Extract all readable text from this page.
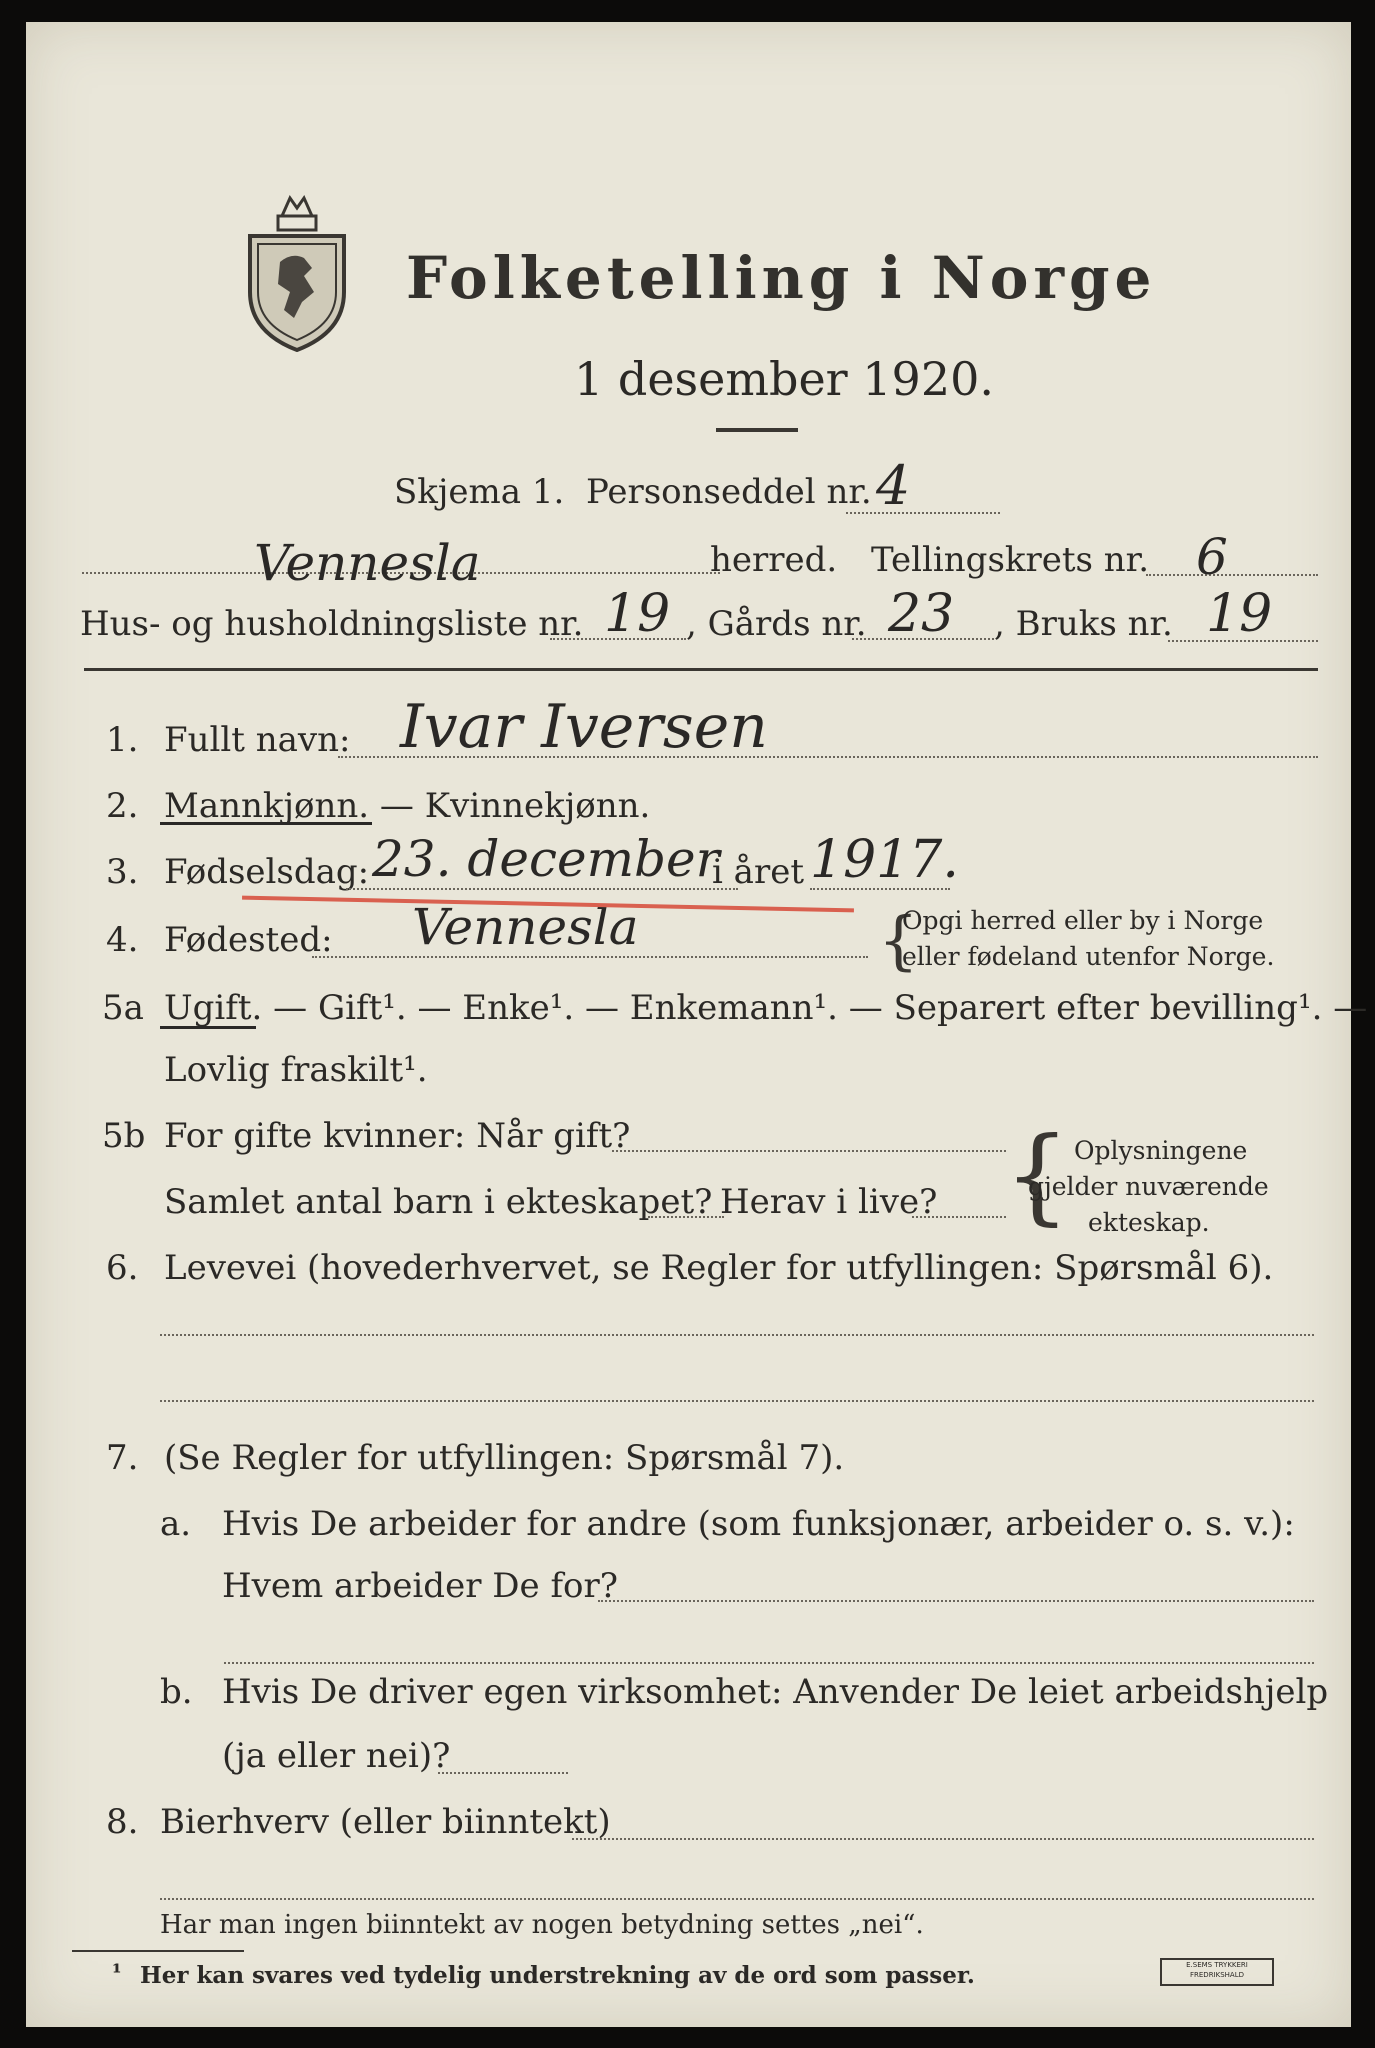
Folketelling i Norge
1 desember 1920.
Skjema 1. Personseddel nr. 4
Vennesla	herred. Tellingskrets nr. 6
Hus- og husholdningsliste nr. 19 , Gårds nr. 23 , Bruks nr. 19
1. Fullt navn: Ivar Iversen
2. Mannkjønn. — Kvinnekjønn.
3. Fødselsdag: 23. december
i året 1917.
4. Fødested: Vennesla	{
Opgi herred eller by i Norge
eller fødeland utenfor Norge.
5a Ugift. — Gift¹. — Enke¹. — Enkemann¹. — Separert efter bevilling¹. —
Lovlig fraskilt¹.
5b For gifte kvinner: Når gift?
Samlet antal barn i ekteskapet? Herav i live? { Oplysningene
gjelder nuværende
ekteskap.
6. Levevei (hovederhvervet, se Regler for utfyllingen: Spørsmål 6).
7. (Se Regler for utfyllingen: Spørsmål 7).
a. Hvis De arbeider for andre (som funksjonær, arbeider o. s. v.):
Hvem arbeider De for?
b. Hvis De driver egen virksomhet: Anvender De leiet arbeidshjelp
(ja eller nei)?
8. Bierhverv (eller biinntekt)
Har man ingen biinntekt av nogen betydning settes „nei“.
¹ Her kan svares ved tydelig understrekning av de ord som passer.	E.SEMS TRYKKERI
FREDRIKSHALD
